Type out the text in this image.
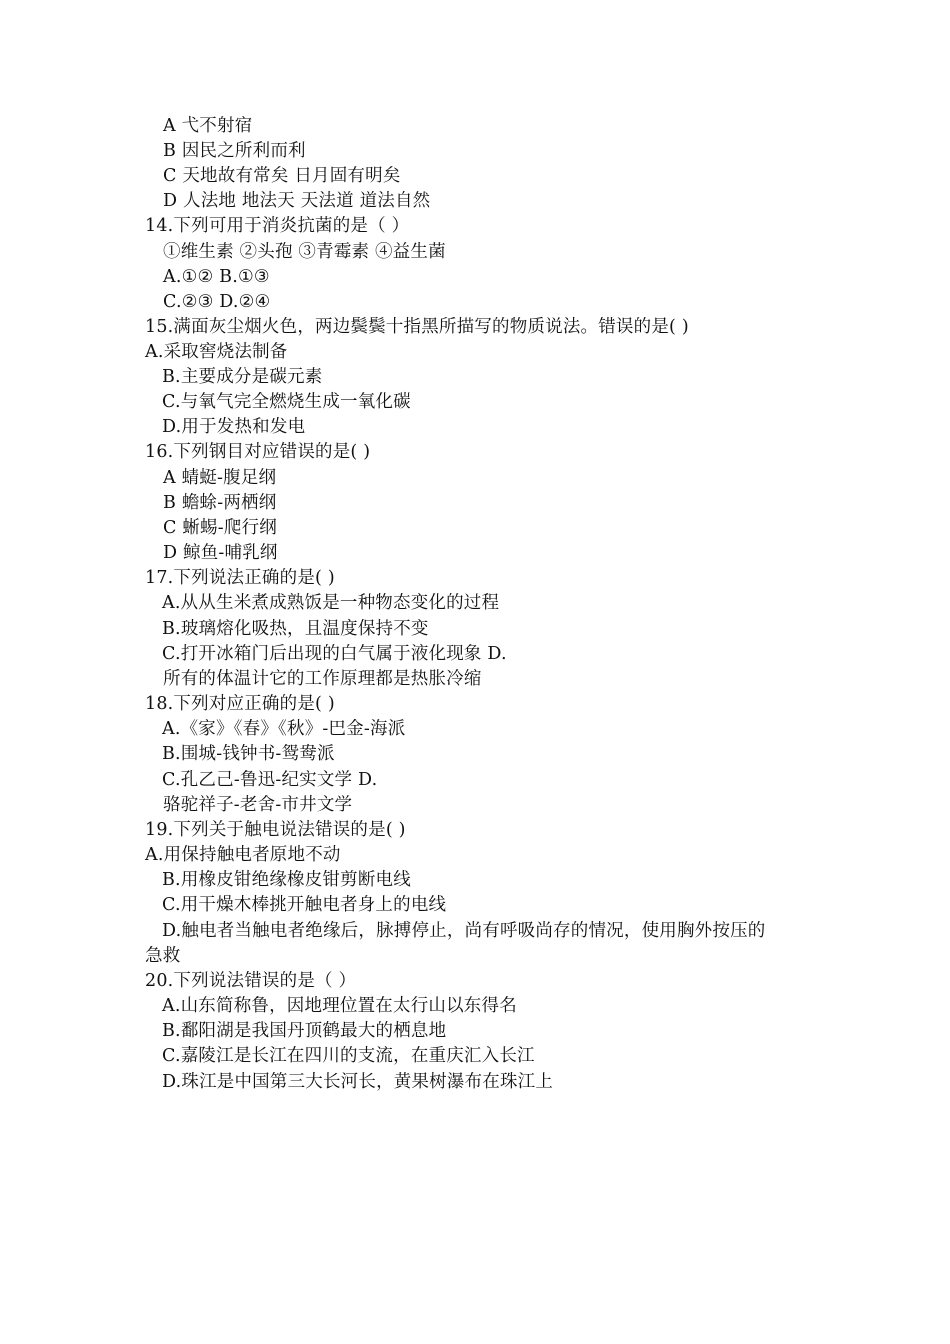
A 弋不射宿
B 因民之所利而利
C 天地故有常矣 日月固有明矣
D 人法地 地法天 天法道 道法自然
14.下列可用于消炎抗菌的是（ ）
①维生素 ②头孢 ③青霉素 ④益生菌
A.①② B.①③
C.②③ D.②④
15.满面灰尘烟火色，两边鬓鬓十指黑所描写的物质说法。错误的是( )
A.采取窖烧法制备
B.主要成分是碳元素
C.与氧气完全燃烧生成一氧化碳
D.用于发热和发电
16.下列钢目对应错误的是( )
A 蜻蜓-腹足纲
B 蟾蜍-两栖纲
C 蜥蜴-爬行纲
D 鲸鱼-哺乳纲
17.下列说法正确的是( )
A.从从生米煮成熟饭是一种物态变化的过程
B.玻璃熔化吸热，且温度保持不变
C.打开冰箱门后出现的白气属于液化现象 D.
所有的体温计它的工作原理都是热胀冷缩
18.下列对应正确的是( )
A.《家》《春》《秋》-巴金-海派
B.围城-钱钟书-鸳鸯派
C.孔乙己-鲁迅-纪实文学 D.
骆驼祥子-老舍-市井文学
19.下列关于触电说法错误的是( )
A.用保持触电者原地不动
B.用橡皮钳绝缘橡皮钳剪断电线
C.用干燥木棒挑开触电者身上的电线
D.触电者当触电者绝缘后，脉搏停止，尚有呼吸尚存的情况，使用胸外按压的
急救
20.下列说法错误的是（ ）
A.山东简称鲁，因地理位置在太行山以东得名
B.鄱阳湖是我国丹顶鹤最大的栖息地
C.嘉陵江是长江在四川的支流，在重庆汇入长江
D.珠江是中国第三大长河长，黄果树瀑布在珠江上
